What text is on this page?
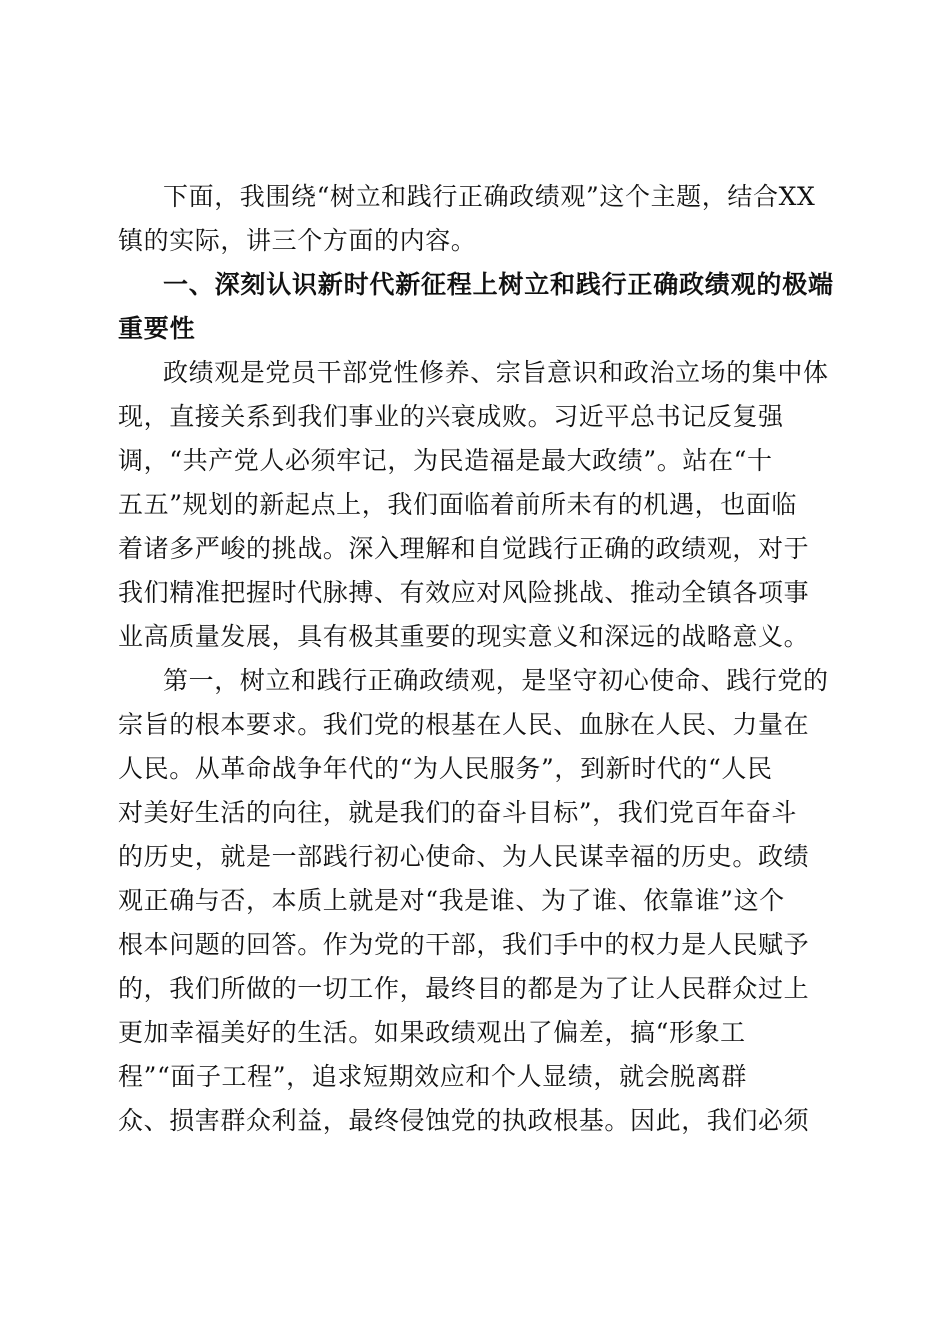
下面，我围绕“树立和践行正确政绩观”这个主题，结合XX
镇的实际，讲三个方面的内容。
一、深刻认识新时代新征程上树立和践行正确政绩观的极端
重要性
政绩观是党员干部党性修养、宗旨意识和政治立场的集中体
现，直接关系到我们事业的兴衰成败。习近平总书记反复强
调，“共产党人必须牢记，为民造福是最大政绩”。站在“十
五五”规划的新起点上，我们面临着前所未有的机遇，也面临
着诸多严峻的挑战。深入理解和自觉践行正确的政绩观，对于
我们精准把握时代脉搏、有效应对风险挑战、推动全镇各项事
业高质量发展，具有极其重要的现实意义和深远的战略意义。
第一，树立和践行正确政绩观，是坚守初心使命、践行党的
宗旨的根本要求。我们党的根基在人民、血脉在人民、力量在
人民。从革命战争年代的“为人民服务”，到新时代的“人民
对美好生活的向往，就是我们的奋斗目标”，我们党百年奋斗
的历史，就是一部践行初心使命、为人民谋幸福的历史。政绩
观正确与否，本质上就是对“我是谁、为了谁、依靠谁”这个
根本问题的回答。作为党的干部，我们手中的权力是人民赋予
的，我们所做的一切工作，最终目的都是为了让人民群众过上
更加幸福美好的生活。如果政绩观出了偏差，搞“形象工
程”“面子工程”，追求短期效应和个人显绩，就会脱离群
众、损害群众利益，最终侵蚀党的执政根基。因此，我们必须
